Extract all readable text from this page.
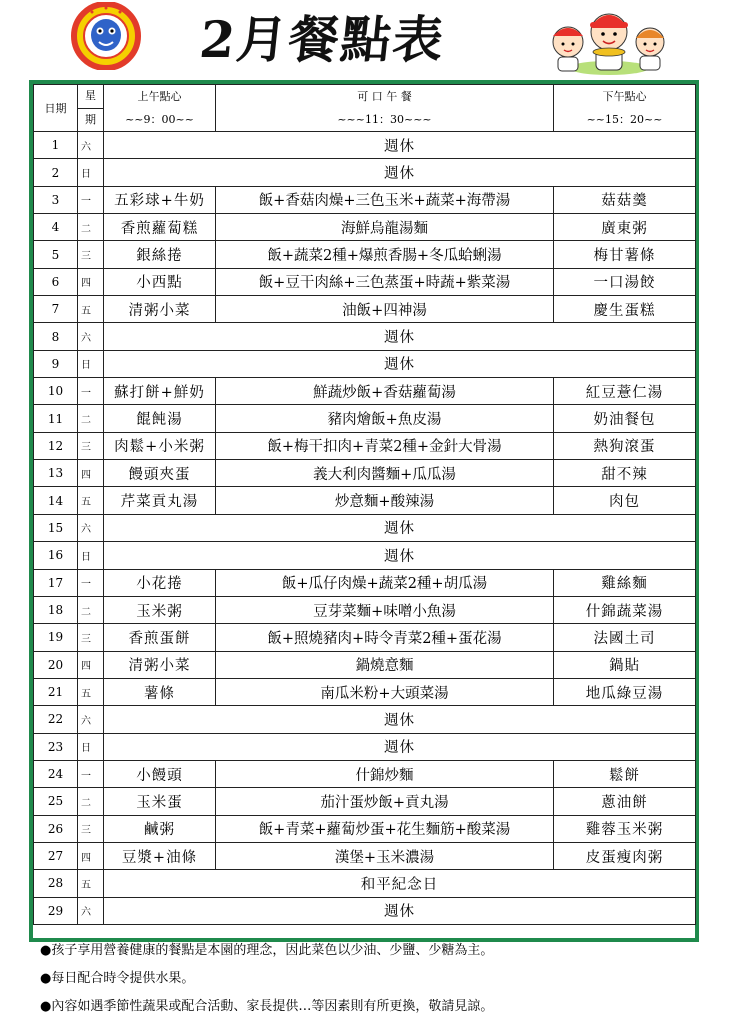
2月餐點表
日期	星	上午點心	可 口 午 餐	下午點心
	期	~~9：00~~	~~~11：30~~~	~~15：20~~
1	六	週休		
2	日	週休		
3	一	五彩球+牛奶	飯+香菇肉燥+三色玉米+蔬菜+海帶湯	菇菇羹
4	二	香煎蘿蔔糕	海鮮烏龍湯麵	廣東粥
5	三	銀絲捲	飯+蔬菜2種+爆煎香腸+冬瓜蛤蜊湯	梅甘薯條
6	四	小西點	飯+豆干肉絲+三色蒸蛋+時蔬+紫菜湯	一口湯餃
7	五	清粥小菜	油飯+四神湯	慶生蛋糕
8	六	週休		
9	日	週休		
10	一	蘇打餅+鮮奶	鮮蔬炒飯+香菇蘿蔔湯	紅豆薏仁湯
11	二	餛飩湯	豬肉燴飯+魚皮湯	奶油餐包
12	三	肉鬆+小米粥	飯+梅干扣肉+青菜2種+金針大骨湯	熱狗滾蛋
13	四	饅頭夾蛋	義大利肉醬麵+瓜瓜湯	甜不辣
14	五	芹菜貢丸湯	炒意麵+酸辣湯	肉包
15	六	週休		
16	日	週休		
17	一	小花捲	飯+瓜仔肉燥+蔬菜2種+胡瓜湯	雞絲麵
18	二	玉米粥	豆芽菜麵+味噌小魚湯	什錦蔬菜湯
19	三	香煎蛋餅	飯+照燒豬肉+時令青菜2種+蛋花湯	法國土司
20	四	清粥小菜	鍋燒意麵	鍋貼
21	五	薯條	南瓜米粉+大頭菜湯	地瓜綠豆湯
22	六	週休		
23	日	週休		
24	一	小饅頭	什錦炒麵	鬆餅
25	二	玉米蛋	茄汁蛋炒飯+貢丸湯	蔥油餅
26	三	鹹粥	飯+青菜+蘿蔔炒蛋+花生麵筋+酸菜湯	雞蓉玉米粥
27	四	豆漿+油條	漢堡+玉米濃湯	皮蛋瘦肉粥
28	五	和平紀念日		
29	六	週休		
●孩子享用營養健康的餐點是本園的理念，因此菜色以少油、少鹽、少糖為主。
●每日配合時令提供水果。
●內容如遇季節性蔬果或配合活動、家長提供…等因素則有所更換，敬請見諒。
